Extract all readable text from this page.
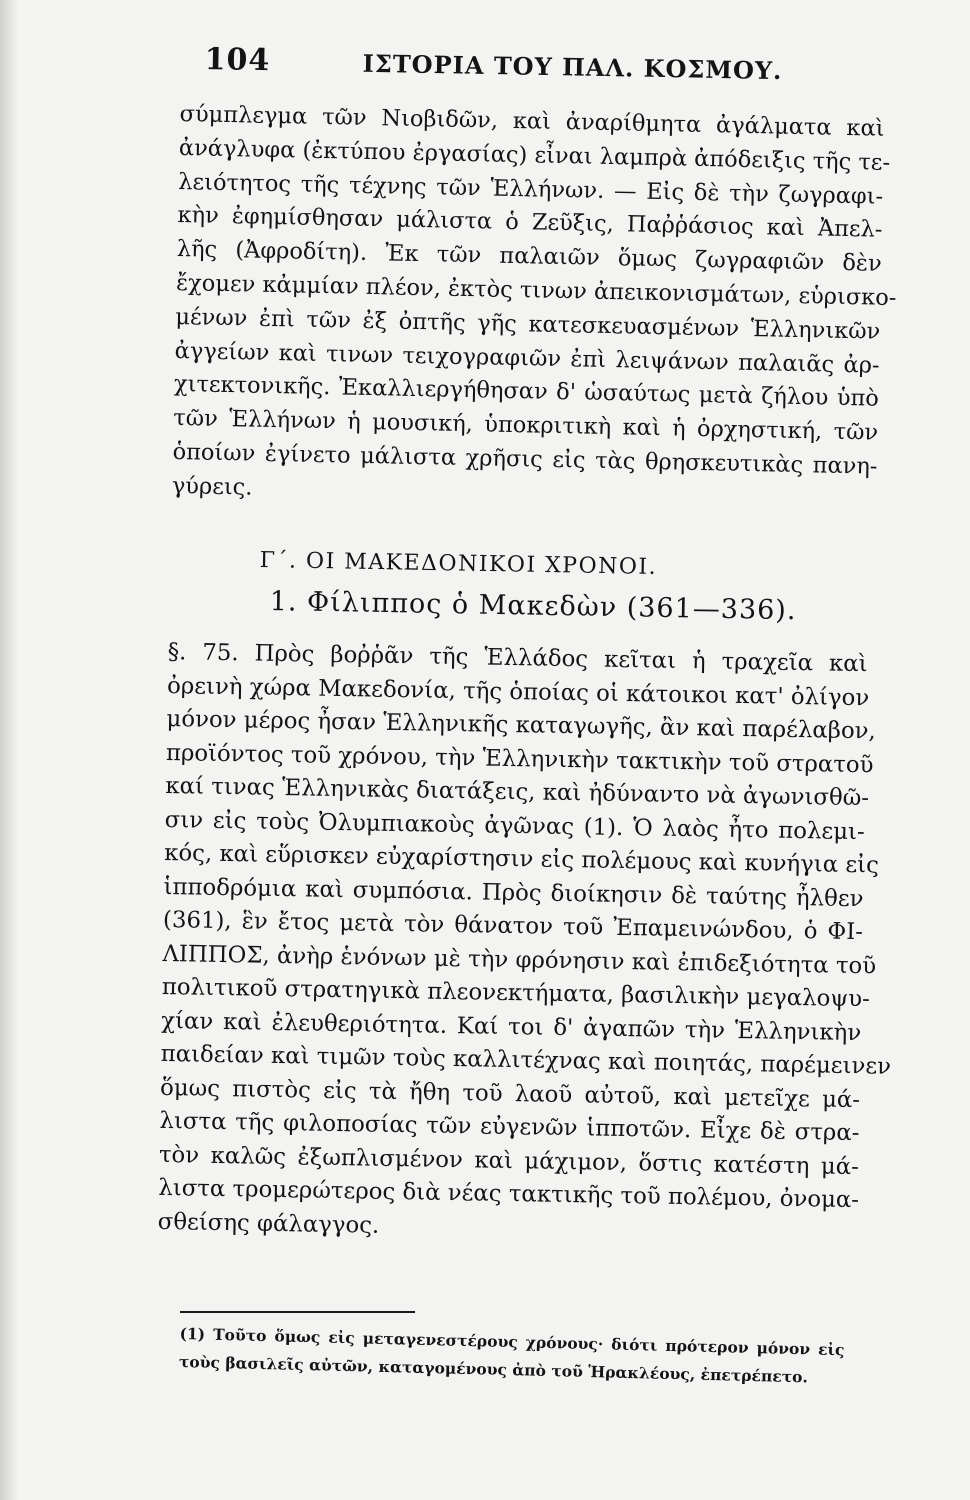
104	ΙΣΤΟΡΙΑ ΤΟΥ ΠΑΛ. ΚΟΣΜΟΥ.
σύμπλεγμα τῶν Νιοβιδῶν, καὶ ἀναρίθμητα ἀγάλματα καὶ
ἀνάγλυφα (ἐκτύπου ἐργασίας) εἶναι λαμπρὰ ἀπόδειξις τῆς τε-
λειότητος τῆς τέχνης τῶν Ἑλλήνων. — Εἰς δὲ τὴν ζωγραφι-
κὴν ἐφημίσθησαν μάλιστα ὁ Ζεῦξις, Παῤῥάσιος καὶ Ἀπελ-
λῆς (Ἀφροδίτη). Ἐκ τῶν παλαιῶν ὅμως ζωγραφιῶν δὲν
ἔχομεν κἀμμίαν πλέον, ἐκτὸς τινων ἀπεικονισμάτων, εὑρισκο-
μένων ἐπὶ τῶν ἐξ ὀπτῆς γῆς κατεσκευασμένων Ἑλληνικῶν
ἀγγείων καὶ τινων τειχογραφιῶν ἐπὶ λειψάνων παλαιᾶς ἀρ-
χιτεκτονικῆς. Ἐκαλλιεργήθησαν δ' ὡσαύτως μετὰ ζήλου ὑπὸ
τῶν Ἑλλήνων ἡ μουσική, ὑποκριτικὴ καὶ ἡ ὀρχηστική, τῶν
ὁποίων ἐγίνετο μάλιστα χρῆσις εἰς τὰς θρησκευτικὰς πανη-
γύρεις.
Γ΄. ΟΙ ΜΑΚΕΔΟΝΙΚΟΙ ΧΡΟΝΟΙ.
1. Φίλιππος ὁ Μακεδὼν (361—336).
§. 75. Πρὸς βοῤῥᾶν τῆς Ἑλλάδος κεῖται ἡ τραχεῖα καὶ
ὀρεινὴ χώρα Μακεδονία, τῆς ὁποίας οἱ κάτοικοι κατ' ὀλίγον
μόνον μέρος ἦσαν Ἑλληνικῆς καταγωγῆς, ἂν καὶ παρέλαβον,
προϊόντος τοῦ χρόνου, τὴν Ἑλληνικὴν τακτικὴν τοῦ στρατοῦ
καί τινας Ἑλληνικὰς διατάξεις, καὶ ἠδύναντο νὰ ἀγωνισθῶ-
σιν εἰς τοὺς Ὀλυμπιακοὺς ἀγῶνας (1). Ὁ λαὸς ἦτο πολεμι-
κός, καὶ εὕρισκεν εὐχαρίστησιν εἰς πολέμους καὶ κυνήγια εἰς
ἱπποδρόμια καὶ συμπόσια. Πρὸς διοίκησιν δὲ ταύτης ἦλθεν
(361), ἓν ἔτος μετὰ τὸν θάνατον τοῦ Ἐπαμεινώνδου, ὁ ΦΙ-
ΛΙΠΠΟΣ, ἀνὴρ ἑνόνων μὲ τὴν φρόνησιν καὶ ἐπιδεξιότητα τοῦ
πολιτικοῦ στρατηγικὰ πλεονεκτήματα, βασιλικὴν μεγαλοψυ-
χίαν καὶ ἐλευθεριότητα. Καί τοι δ' ἀγαπῶν τὴν Ἑλληνικὴν
παιδείαν καὶ τιμῶν τοὺς καλλιτέχνας καὶ ποιητάς, παρέμεινεν
ὅμως πιστὸς εἰς τὰ ἤθη τοῦ λαοῦ αὐτοῦ, καὶ μετεῖχε μά-
λιστα τῆς φιλοποσίας τῶν εὐγενῶν ἱπποτῶν. Εἶχε δὲ στρα-
τὸν καλῶς ἐξωπλισμένον καὶ μάχιμον, ὅστις κατέστη μά-
λιστα τρομερώτερος διὰ νέας τακτικῆς τοῦ πολέμου, ὀνομα-
σθείσης φάλαγγος.
(1) Τοῦτο ὅμως εἰς μεταγενεστέρους χρόνους· διότι πρότερον μόνον εἰς
τοὺς βασιλεῖς αὐτῶν, καταγομένους ἀπὸ τοῦ Ἡρακλέους, ἐπετρέπετο.
